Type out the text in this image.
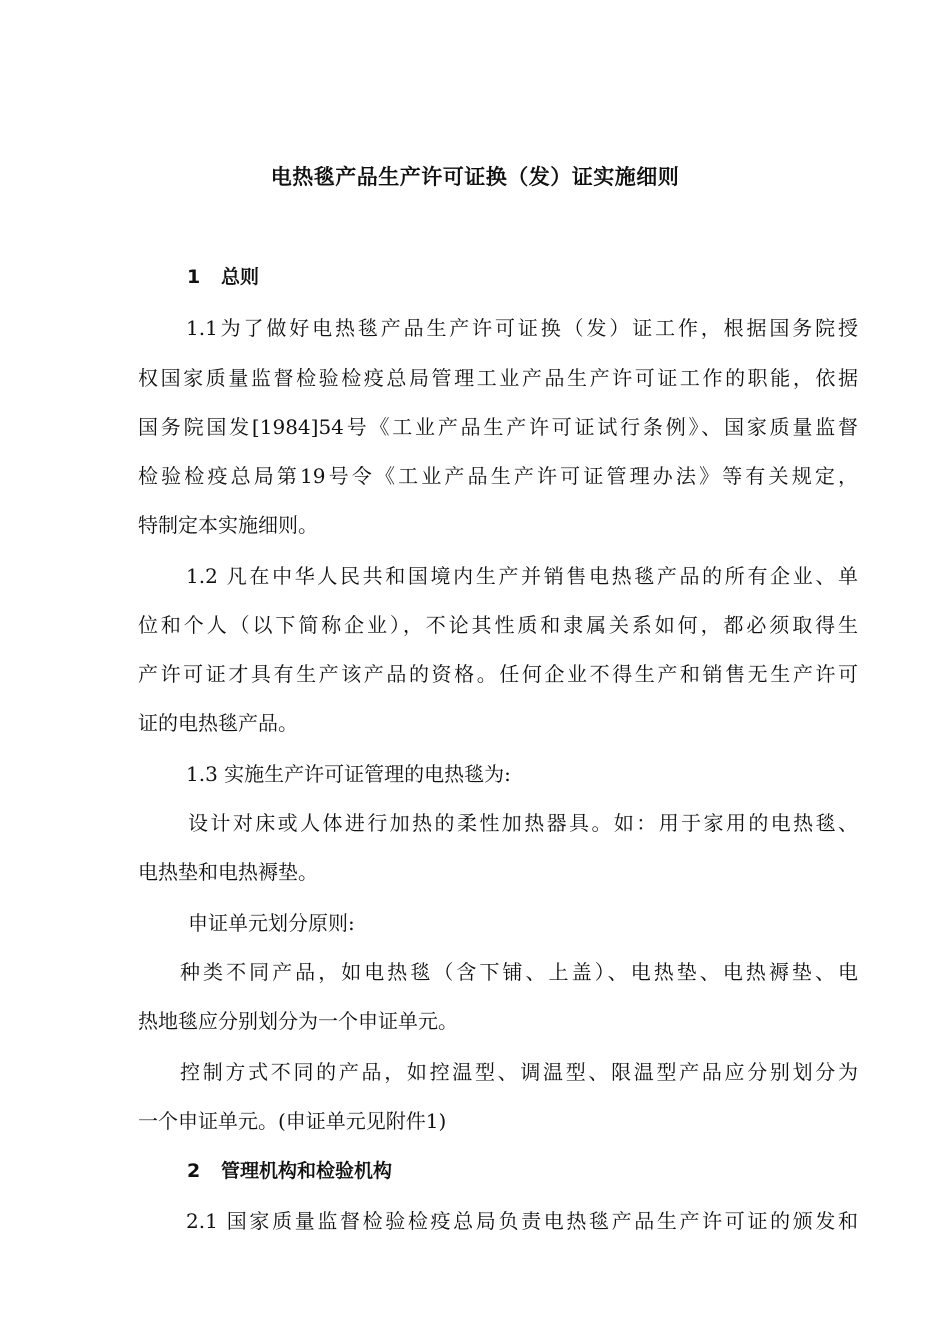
电热毯产品生产许可证换（发）证实施细则
1 总则
1.1为了做好电热毯产品生产许可证换（发）证工作，根据国务院授
权国家质量监督检验检疫总局管理工业产品生产许可证工作的职能，依据
国务院国发[1984]54号《工业产品生产许可证试行条例》、国家质量监督
检验检疫总局第19号令《工业产品生产许可证管理办法》等有关规定，
特制定本实施细则。
1.2 凡在中华人民共和国境内生产并销售电热毯产品的所有企业、单
位和个人（以下简称企业），不论其性质和隶属关系如何，都必须取得生
产许可证才具有生产该产品的资格。任何企业不得生产和销售无生产许可
证的电热毯产品。
1.3 实施生产许可证管理的电热毯为:
设计对床或人体进行加热的柔性加热器具。如：用于家用的电热毯、
电热垫和电热褥垫。
申证单元划分原则:
种类不同产品，如电热毯（含下铺、上盖）、电热垫、电热褥垫、电
热地毯应分别划分为一个申证单元。
控制方式不同的产品，如控温型、调温型、限温型产品应分别划分为
一个申证单元。(申证单元见附件1)
2 管理机构和检验机构
2.1 国家质量监督检验检疫总局负责电热毯产品生产许可证的颁发和
